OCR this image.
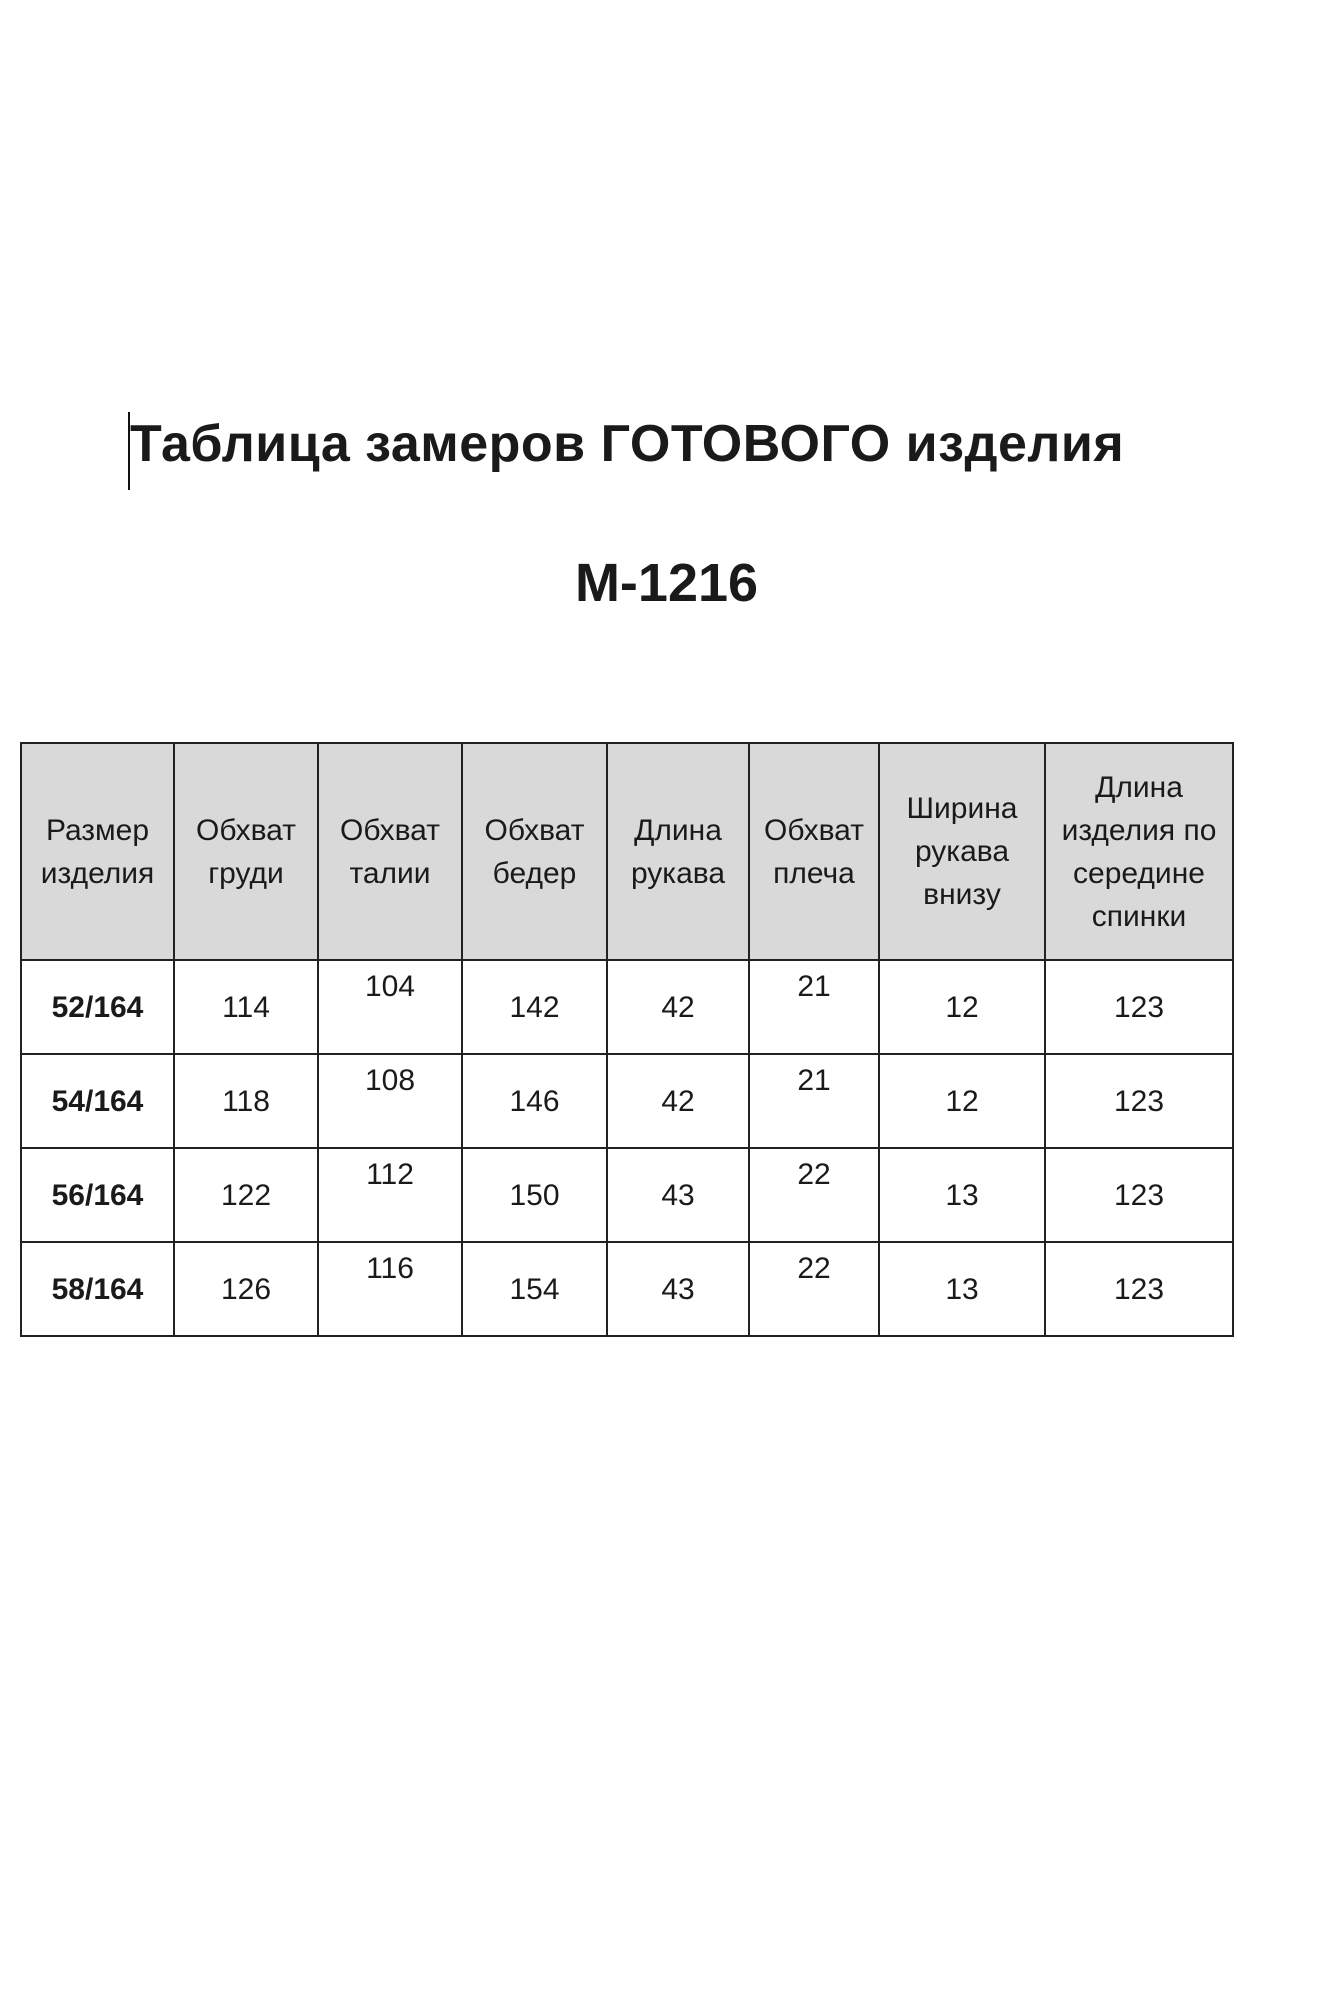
Таблица замеров ГОТОВОГО изделия
М-1216
Размер изделия	Обхват груди	Обхват талии	Обхват бедер	Длина рукава	Обхват плеча	Ширина рукава внизу	Длина изделия по середине спинки
52/164	114	104	142	42	21	12	123
54/164	118	108	146	42	21	12	123
56/164	122	112	150	43	22	13	123
58/164	126	116	154	43	22	13	123
